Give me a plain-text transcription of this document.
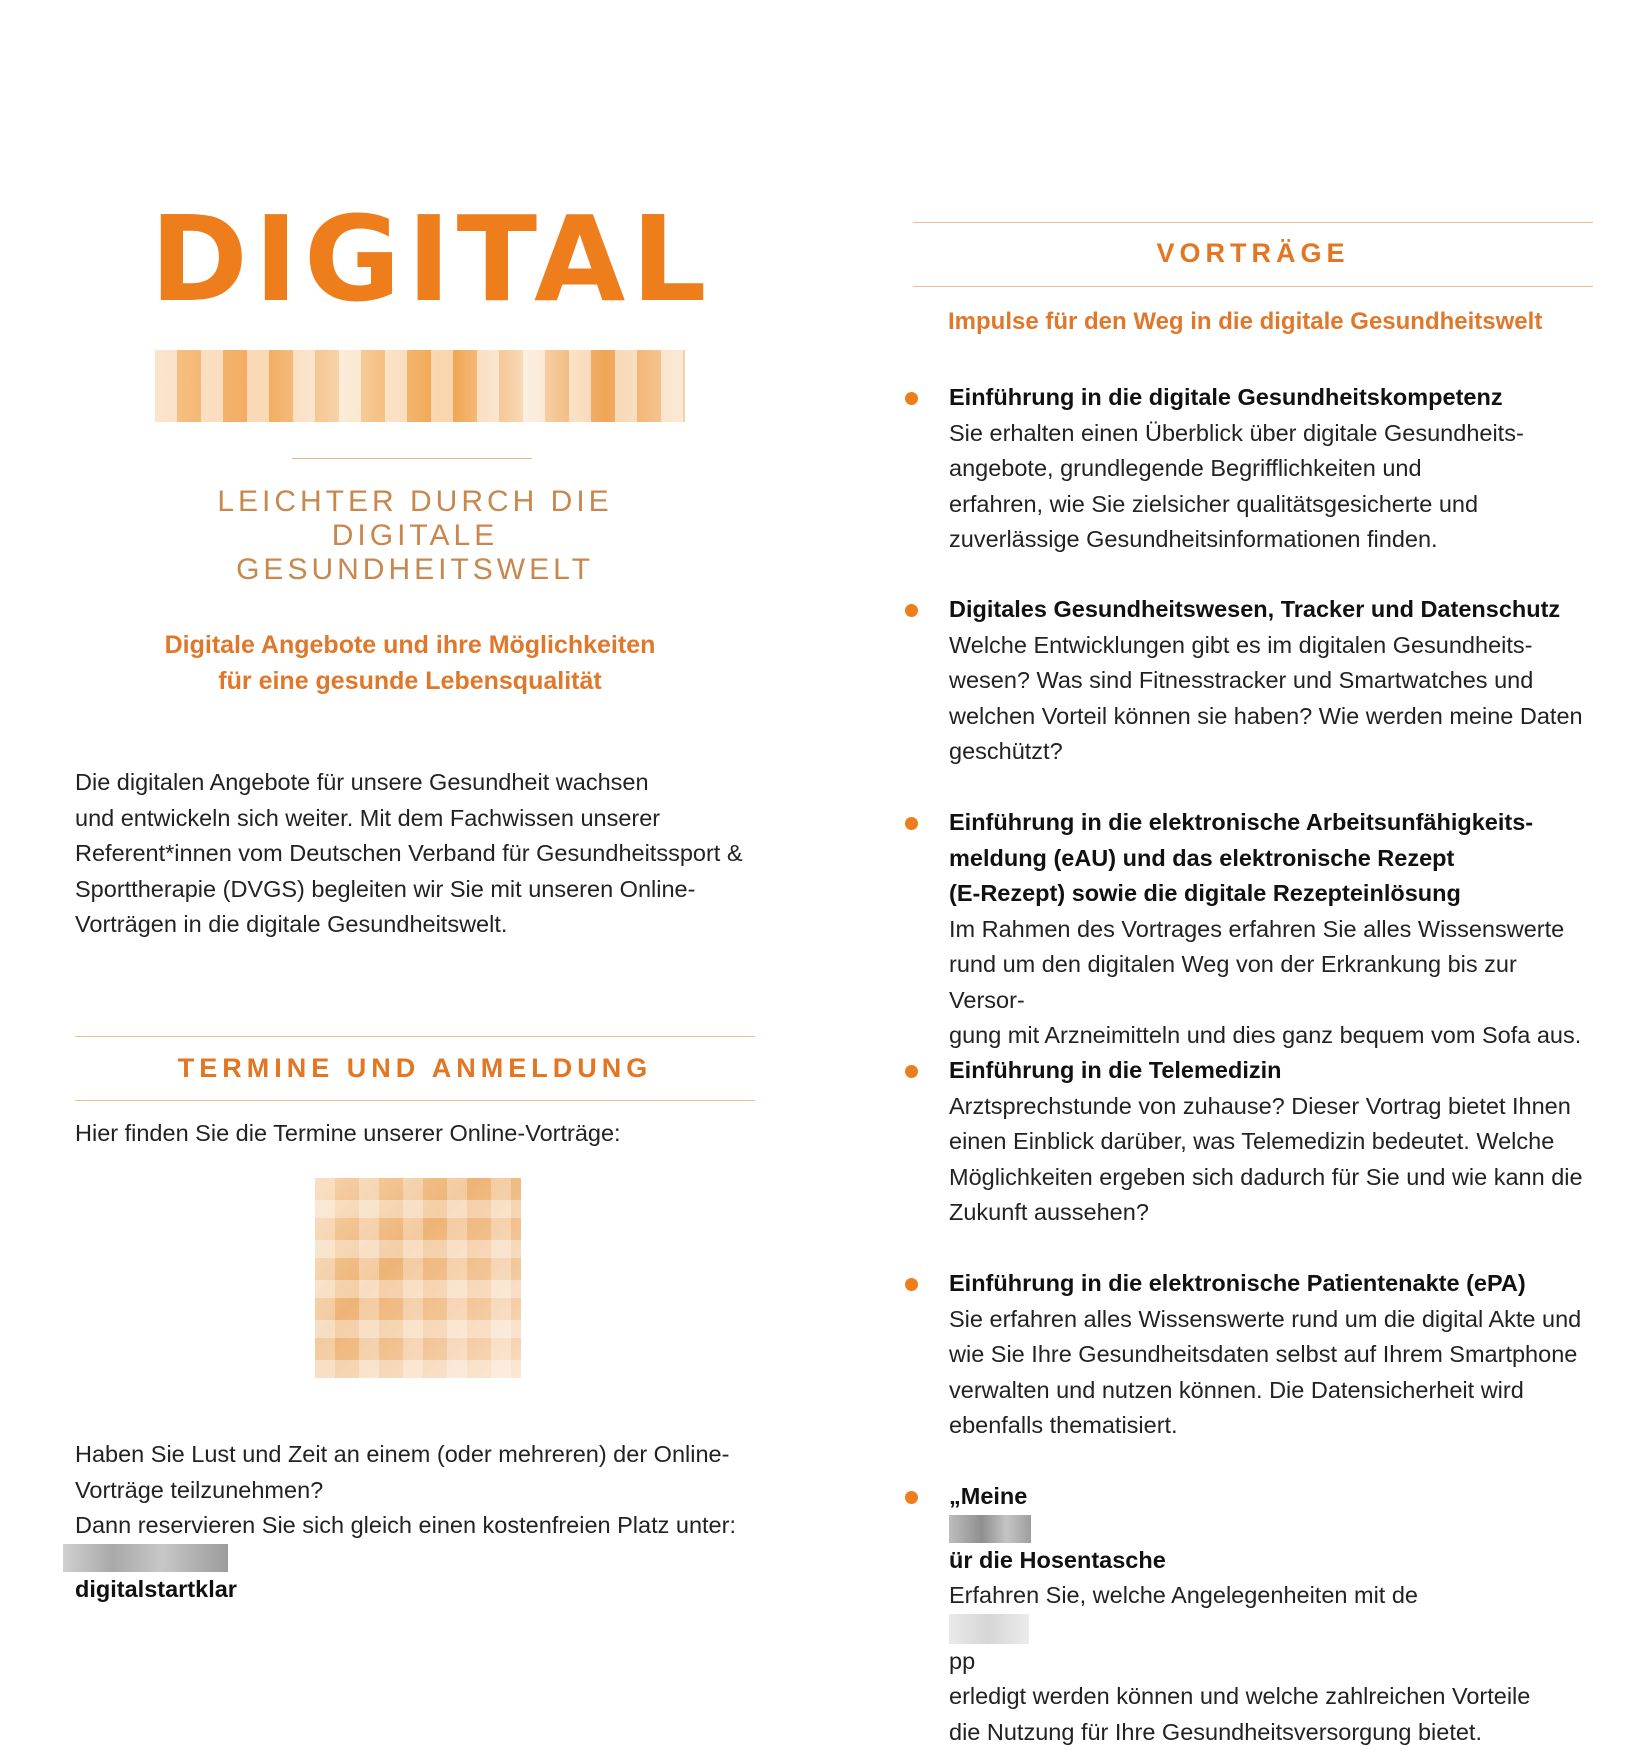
DIGITAL
LEICHTER DURCH DIE DIGITALE
GESUNDHEITSWELT
Digitale Angebote und ihre Möglichkeiten
für eine gesunde Lebensqualität
Die digitalen Angebote für unsere Gesundheit wachsen
und entwickeln sich weiter. Mit dem Fachwissen unserer
Referent*innen vom Deutschen Verband für Gesundheitssport &
Sporttherapie (DVGS) begleiten wir Sie mit unseren Online-
Vorträgen in die digitale Gesundheitswelt.
TERMINE UND ANMELDUNG
Hier finden Sie die Termine unserer Online-Vorträge:
Haben Sie Lust und Zeit an einem (oder mehreren) der Online-
Vorträge teilzunehmen?
Dann reservieren Sie sich gleich einen kostenfreien Platz unter:
digitalstartklar
VORTRÄGE
Impulse für den Weg in die digitale Gesundheitswelt
Einführung in die digitale Gesundheitskompetenz
Sie erhalten einen Überblick über digitale Gesundheits-
angebote, grundlegende Begrifflichkeiten und
erfahren, wie Sie zielsicher qualitätsgesicherte und
zuverlässige Gesundheitsinformationen finden.
Digitales Gesundheitswesen, Tracker und Datenschutz
Welche Entwicklungen gibt es im digitalen Gesundheits-
wesen? Was sind Fitnesstracker und Smartwatches und
welchen Vorteil können sie haben? Wie werden meine Daten
geschützt?
Einführung in die elektronische Arbeitsunfähigkeits-
meldung (eAU) und das elektronische Rezept
(E-Rezept) sowie die digitale Rezepteinlösung
Im Rahmen des Vortrages erfahren Sie alles Wissenswerte
rund um den digitalen Weg von der Erkrankung bis zur Versor-
gung mit Arzneimitteln und dies ganz bequem vom Sofa aus.
Einführung in die Telemedizin
Arztsprechstunde von zuhause? Dieser Vortrag bietet Ihnen
einen Einblick darüber, was Telemedizin bedeutet. Welche
Möglichkeiten ergeben sich dadurch für Sie und wie kann die
Zukunft aussehen?
Einführung in die elektronische Patientenakte (ePA)
Sie erfahren alles Wissenswerte rund um die digital Akte und
wie Sie Ihre Gesundheitsdaten selbst auf Ihrem Smartphone
verwalten und nutzen können. Die Datensicherheit wird
ebenfalls thematisiert.
„Meine
ür die Hosentasche
Erfahren Sie, welche Angelegenheiten mit de
pp
erledigt werden können und welche zahlreichen Vorteile
die Nutzung für Ihre Gesundheitsversorgung bietet.
